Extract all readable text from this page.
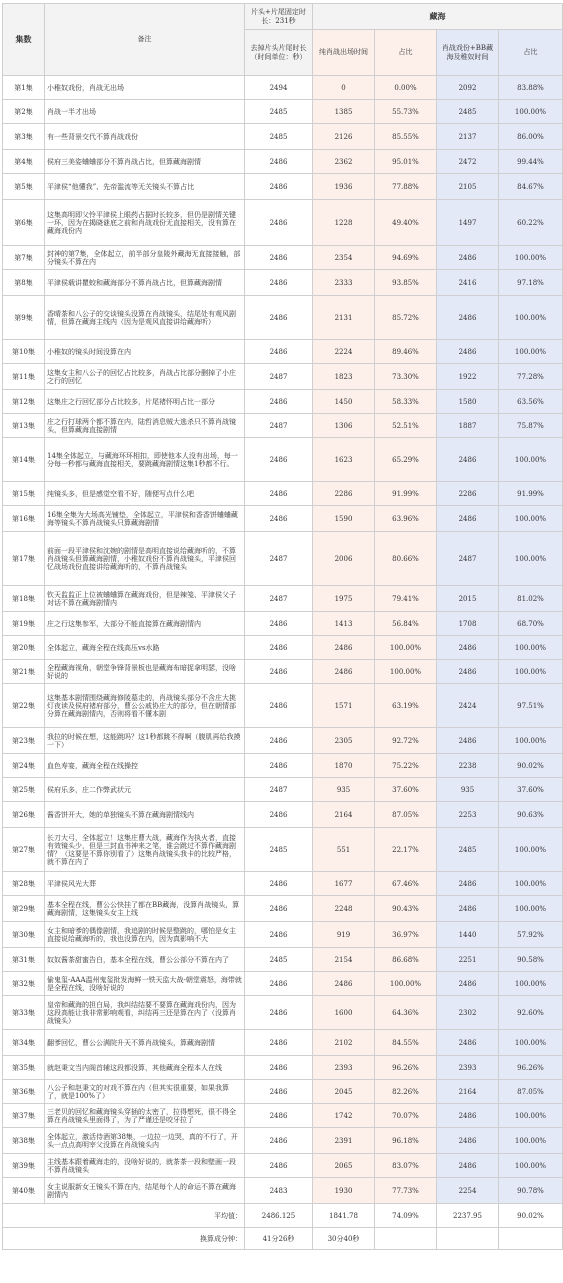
集数	备注	片头+片尾固定时长：231秒	藏海			
		去掉片头片尾时长（时间单位：秒）	纯肖战出场时间	占比	肖战戏份+BB藏海及稚奴时间	占比
第1集	小稚奴戏份，肖战无出场	2494	0	0.00%	2092	83.88%
第2集	肖战一半才出场	2485	1385	55.73%	2485	100.00%
第3集	有一些背景交代不算肖战戏份	2485	2126	85.55%	2137	86.00%
第4集	侯府三美姿蛐蛐部分不算肖战占比，但算藏海剧情	2486	2362	95.01%	2472	99.44%
第5集	平津侯“他懂我”、先帝滥流等无关镜头不算占比	2486	1936	77.88%	2105	84.67%
第6集	这集高明即父怜平津侯上眼药占据时长较多，但仍是剧情关键一环，因为在揭晓谜底之前和肖战戏份无直接相关，没有算在藏海戏份内	2486	1228	49.40%	1497	60.22%
第7集	封神的第7集，全体起立，前半部分皇陵外藏海无直接接触，部分镜头不算在内	2486	2354	94.69%	2486	100.00%
第8集	平津侯载讲瞿蛟和藏海部分不算肖战占比，但算藏海剧情	2486	2333	93.85%	2416	97.18%
第9集	香晴茶和八公子的交谈镜头没算在肖战镜头，结尾处有观风剧情，但算在藏海主线内（因为是观风直接讲给藏海听）	2486	2131	85.72%	2486	100.00%
第10集	小稚奴的镜头时间没算在内	2486	2224	89.46%	2486	100.00%
第11集	这集女主和八公子的回忆占比较多，肖战占比部分删掉了小庄之行的回忆	2487	1823	73.30%	1922	77.28%
第12集	这集庄之行回忆部分占比较多，片尾褚怀明占比一部分	2486	1450	58.33%	1580	63.56%
第13集	庄之行打球两个都不算在内，陆哲消息贼大逃杀只不算肖战镜头，但算藏海直接剧情	2487	1306	52.51%	1887	75.87%
第14集	14集全体起立，与藏海环环相扣，即使他本人没有出场，每一分每一秒都与藏海直接相关，要跳藏海剧情这集1秒都不行。	2486	1623	65.29%	2486	100.00%
第15集	纯镜头多，但是感觉空看不好，随便写点什么吧	2486	2286	91.99%	2286	91.99%
第16集	16集全集为大场高光铺垫，全体起立，平津侯和香香饼蛐蛐藏海等镜头不算肖战镜头只算藏海剧情	2486	1590	63.96%	2486	100.00%
第17集	前面一段平津侯和沈婉的剧情是高明直接说给藏海听的，不算肖战镜头但算藏海剧情，小稚奴戏份不算肖战镜头，平津侯回忆战场戏份直接讲给藏海听的，不算肖战镜头	2487	2006	80.66%	2487	100.00%
第18集	钦天监监正上位被蛐蛐算在藏海戏份，但是辣笺、平津侯父子对话不算在藏海剧情内	2487	1975	79.41%	2015	81.02%
第19集	庄之行这集参军，大部分不能直接算在藏海剧情内	2486	1413	56.84%	1708	68.70%
第20集	全体起立，藏海全程在线高压vs水路	2486	2486	100.00%	2486	100.00%
第21集	全程藏海视角，朝堂争锋背景板也是藏海布暗捉拿明瑟，没啥好说的	2486	2486	100.00%	2486	100.00%
第22集	这集基本剧情围绕藏海修陵墓走的，肖战镜头部分不含庄大挑灯夜读及侯府褚府部分，曹公公戚协庄大的部分，但在朝情部分算在藏海剧情内，否则将看不懂本剧	2486	1571	63.19%	2424	97.51%
第23集	我拉的时候在想，这能跳吗？这1秒都跳不得啊（腹肌再给我摸一下）	2486	2305	92.72%	2486	100.00%
第24集	血色寿宴，藏海全程在线操控	2486	1870	75.22%	2238	90.02%
第25集	侯府乐多，庄二作弊武状元	2487	935	37.60%	935	37.60%
第26集	酱香饼开大，她的单独镜头不算在藏海剧情线内	2486	2164	87.05%	2253	90.63%
第27集	长刀大弓，全体起立！这集庄曹大战，藏海作为执火者，直接有效镜头少，但是三封血书神来之笔，谁会跳过不算作藏海剧情？（这要是不算你别看了）这集肖战镜头我卡的比较严格，就不算在内了	2485	551	22.17%	2485	100.00%
第28集	平津侯风光大葬	2486	1677	67.46%	2486	100.00%
第29集	基本全程在线，曹公公快挂了都在BB藏海，没算肖战镜头，算藏海剧情，这集镜头女主上线	2486	2248	90.43%	2486	100.00%
第30集	女主和暗爹的偶像剧情，我追剧的时候是整跳的，哪怕是女主直接说给藏海听的，我也没算在内，因为真影响不大	2486	919	36.97%	1440	57.92%
第31集	奴奴酱茶甜蜜告白，基本全程在线，曹公公部分不算在内了	2485	2154	86.68%	2251	90.58%
第32集	偷鬼玺-AAA温州鬼玺批发海鲜一铁天监大战-朝堂震怒，海带就是全程在线，没啥好说的	2486	2486	100.00%	2486	100.00%
第33集	皇帝和藏海的担白局，我纠结结要不要算在藏海戏份内，因为这段高能让我非常影响观看，纠结再三还是算在内了（没算肖战镜头）	2486	1600	64.36%	2302	92.60%
第34集	翻爹回忆，曹公公满院升天不算肖战镜头，算藏海剧情	2486	2102	84.55%	2486	100.00%
第35集	就赵秉文当内阁首辅这段都没算，其他藏海全程本人在线	2486	2393	96.26%	2393	96.26%
第36集	八公子和赵秉文的对戏不算在内（但其实很重要，如果我算了，就是100%了）	2486	2045	82.26%	2164	87.05%
第37集	三老贝的回忆和藏海镜头穿插的太密了，拉得想死，很不得全算在肖战镜头里面得了，为了严谨还是咬牙拉了	2486	1742	70.07%	2486	100.00%
第38集	全体起立，激活侍酒第38集，一边拉一边哭，真的不行了，开头一点点高明宰父没算在肖战镜头内	2486	2391	96.18%	2486	100.00%
第39集	主线基本跟着藏海走的，没啥好说的，就茶茶一段和壁画一段不算肖战镜头	2486	2065	83.07%	2486	100.00%
第40集	女主说服新女王镜头不算在内，结尾每个人的命运不算在藏海剧情内	2483	1930	77.73%	2254	90.78%
平均值：		2486.125	1841.78	74.09%	2237.95	90.02%
换算成分钟：		41分26秒	30分40秒			
